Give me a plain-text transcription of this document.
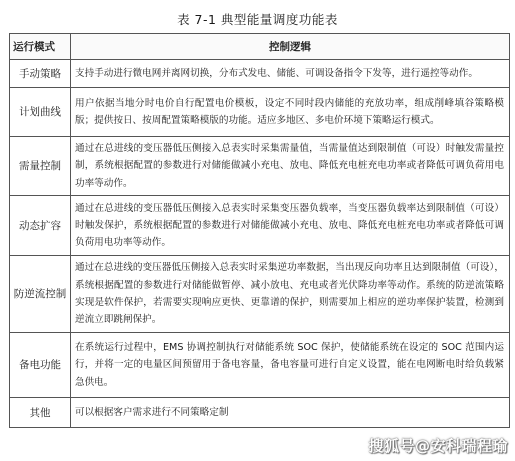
表 7-1 典型能量调度功能表
运行模式	控制逻辑
手动策略	支持手动进行微电网并离网切换，分布式发电、储能、可调设备指令下发等，进行遥控等动作。
计划曲线	用户依据当地分时电价自行配置电价模板，设定不同时段内储能的充放功率，组成削峰填谷策略模版；提供按日、按周配置策略模版的功能。适应多地区、多电价环境下策略运行模式。
需量控制	通过在总进线的变压器低压侧接入总表实时采集需量值，当需量值达到限制值（可设）时触发需量控制，系统根据配置的参数进行对储能做减小充电、放电、降低充电桩充电功率或者降低可调负荷用电功率等动作。
动态扩容	通过在总进线的变压器低压侧接入总表实时采集变压器负载率，当变压器负载率达到限制值（可设）时触发保护，系统根据配置的参数进行对储能做减小充电、放电、降低充电桩充电功率或者降低可调负荷用电功率等动作。
防逆流控制	通过在总进线的变压器低压侧接入总表实时采集逆功率数据，当出现反向功率且达到限制值（可设），系统根据配置的参数进行对储能做暂停、减小放电、充电或者光伏降功率等动作。系统的防逆流策略实现是软件保护，若需要实现响应更快、更靠谱的保护，则需要加上相应的逆功率保护装置，检测到逆流立即跳闸保护。
备电功能	在系统运行过程中，EMS 协调控制执行对储能系统 SOC 保护，使储能系统在设定的 SOC 范围内运行，并将一定的电量区间预留用于备电容量，备电容量可进行自定义设置，能在电网断电时给负载紧急供电。
其他	可以根据客户需求进行不同策略定制
搜狐号@安科瑞程瑜
